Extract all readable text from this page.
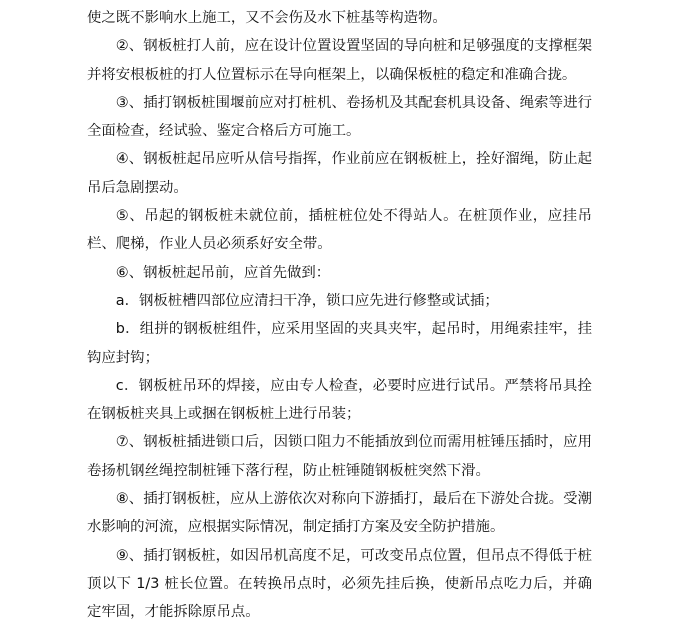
使之既不影响水上施工，又不会伤及水下桩基等构造物。

②、钢板桩打人前，应在设计位置设置坚固的导向桩和足够强度的支撑框架并将安根板桩的打人位置标示在导向框架上，以确保板桩的稳定和准确合拢。

③、插打钢板桩围堰前应对打桩机、卷扬机及其配套机具设备、绳索等进行全面检查，经试验、鉴定合格后方可施工。

④、钢板桩起吊应听从信号指挥，作业前应在钢板桩上，拴好溜绳，防止起吊后急剧摆动。

⑤、吊起的钢板桩未就位前，插桩桩位处不得站人。在桩顶作业，应挂吊栏、爬梯，作业人员必须系好安全带。

⑥、钢板桩起吊前，应首先做到：

a．钢板桩槽四部位应清扫干净，锁口应先进行修整或试插；

b．组拼的钢板桩组件，应采用坚固的夹具夹牢，起吊时，用绳索挂牢，挂钩应封钩；

c．钢板桩吊环的焊接，应由专人检查，必要时应进行试吊。严禁将吊具拴在钢板桩夹具上或捆在钢板桩上进行吊装；

⑦、钢板桩插进锁口后，因锁口阻力不能插放到位而需用桩锤压插时，应用卷扬机钢丝绳控制桩锤下落行程，防止桩锤随钢板桩突然下滑。

⑧、插打钢板桩，应从上游依次对称向下游插打，最后在下游处合拢。受潮水影响的河流，应根据实际情况，制定插打方案及安全防护措施。

⑨、插打钢板桩，如因吊机高度不足，可改变吊点位置，但吊点不得低于桩顶以下 1/3 桩长位置。在转换吊点时，必须先挂后换，使新吊点吃力后，并确定牢固，才能拆除原吊点。
